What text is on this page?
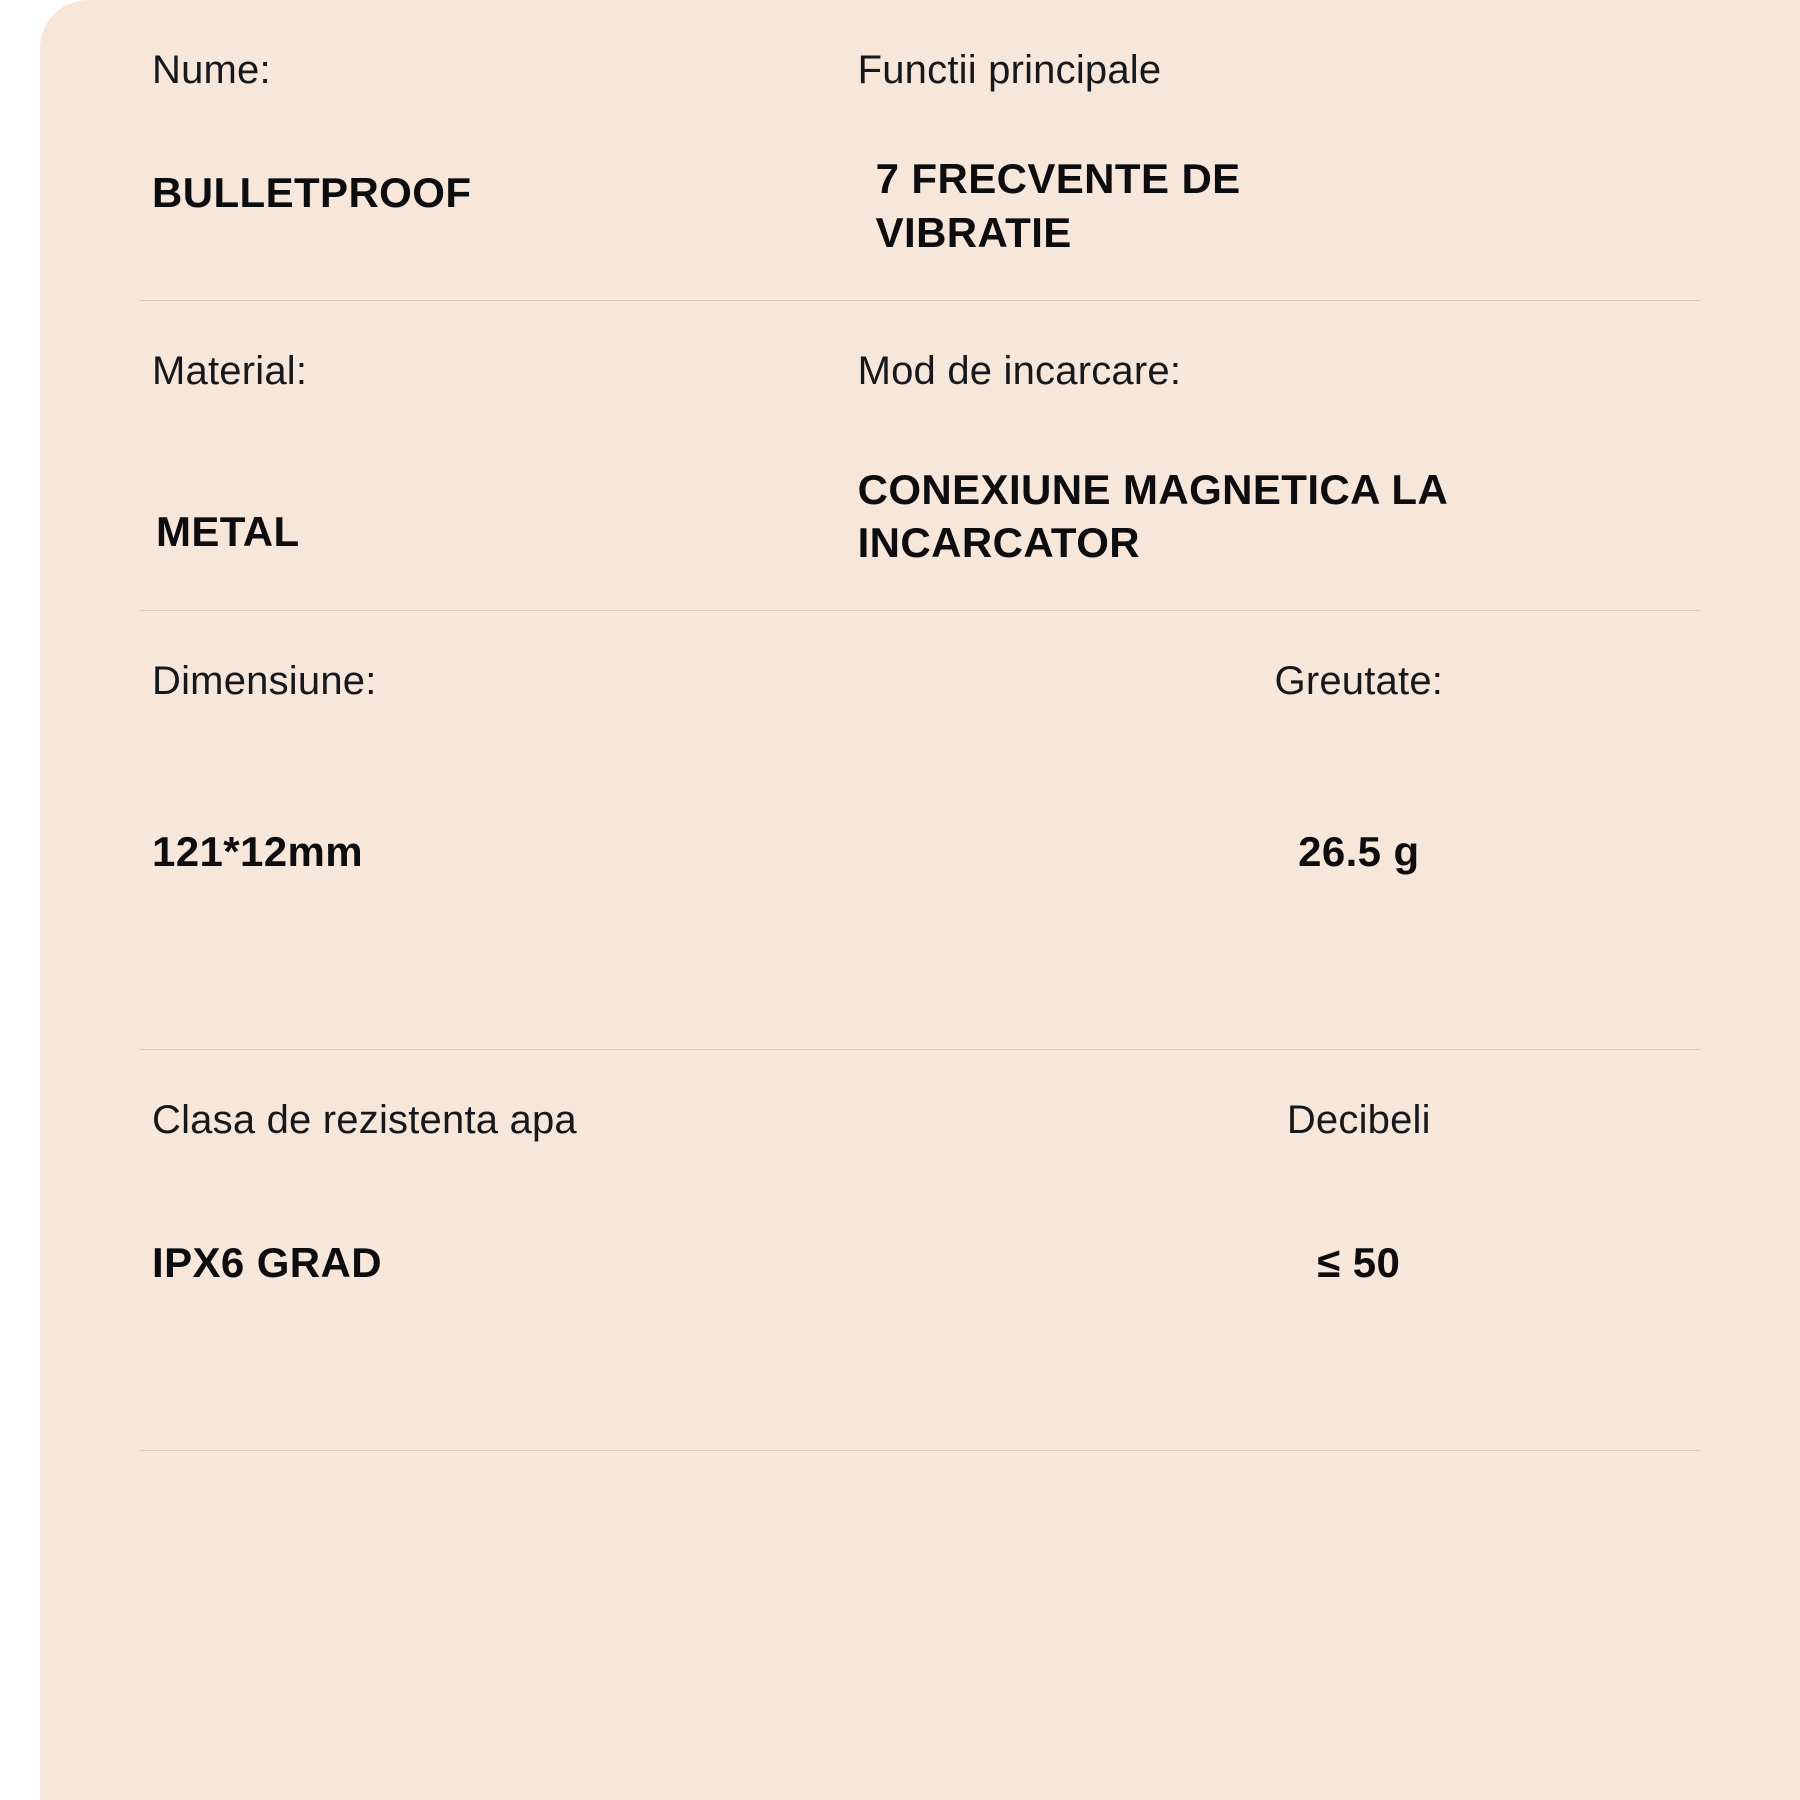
Nume:
BULLETPROOF

Functii principale
7 FRECVENTE DE VIBRATIE

Material:
METAL

Mod de incarcare:
CONEXIUNE MAGNETICA LA INCARCATOR

Dimensiune:
121*12mm

Greutate:
26.5 g

Clasa de rezistenta apa
IPX6 GRAD

Decibeli
≤ 50
